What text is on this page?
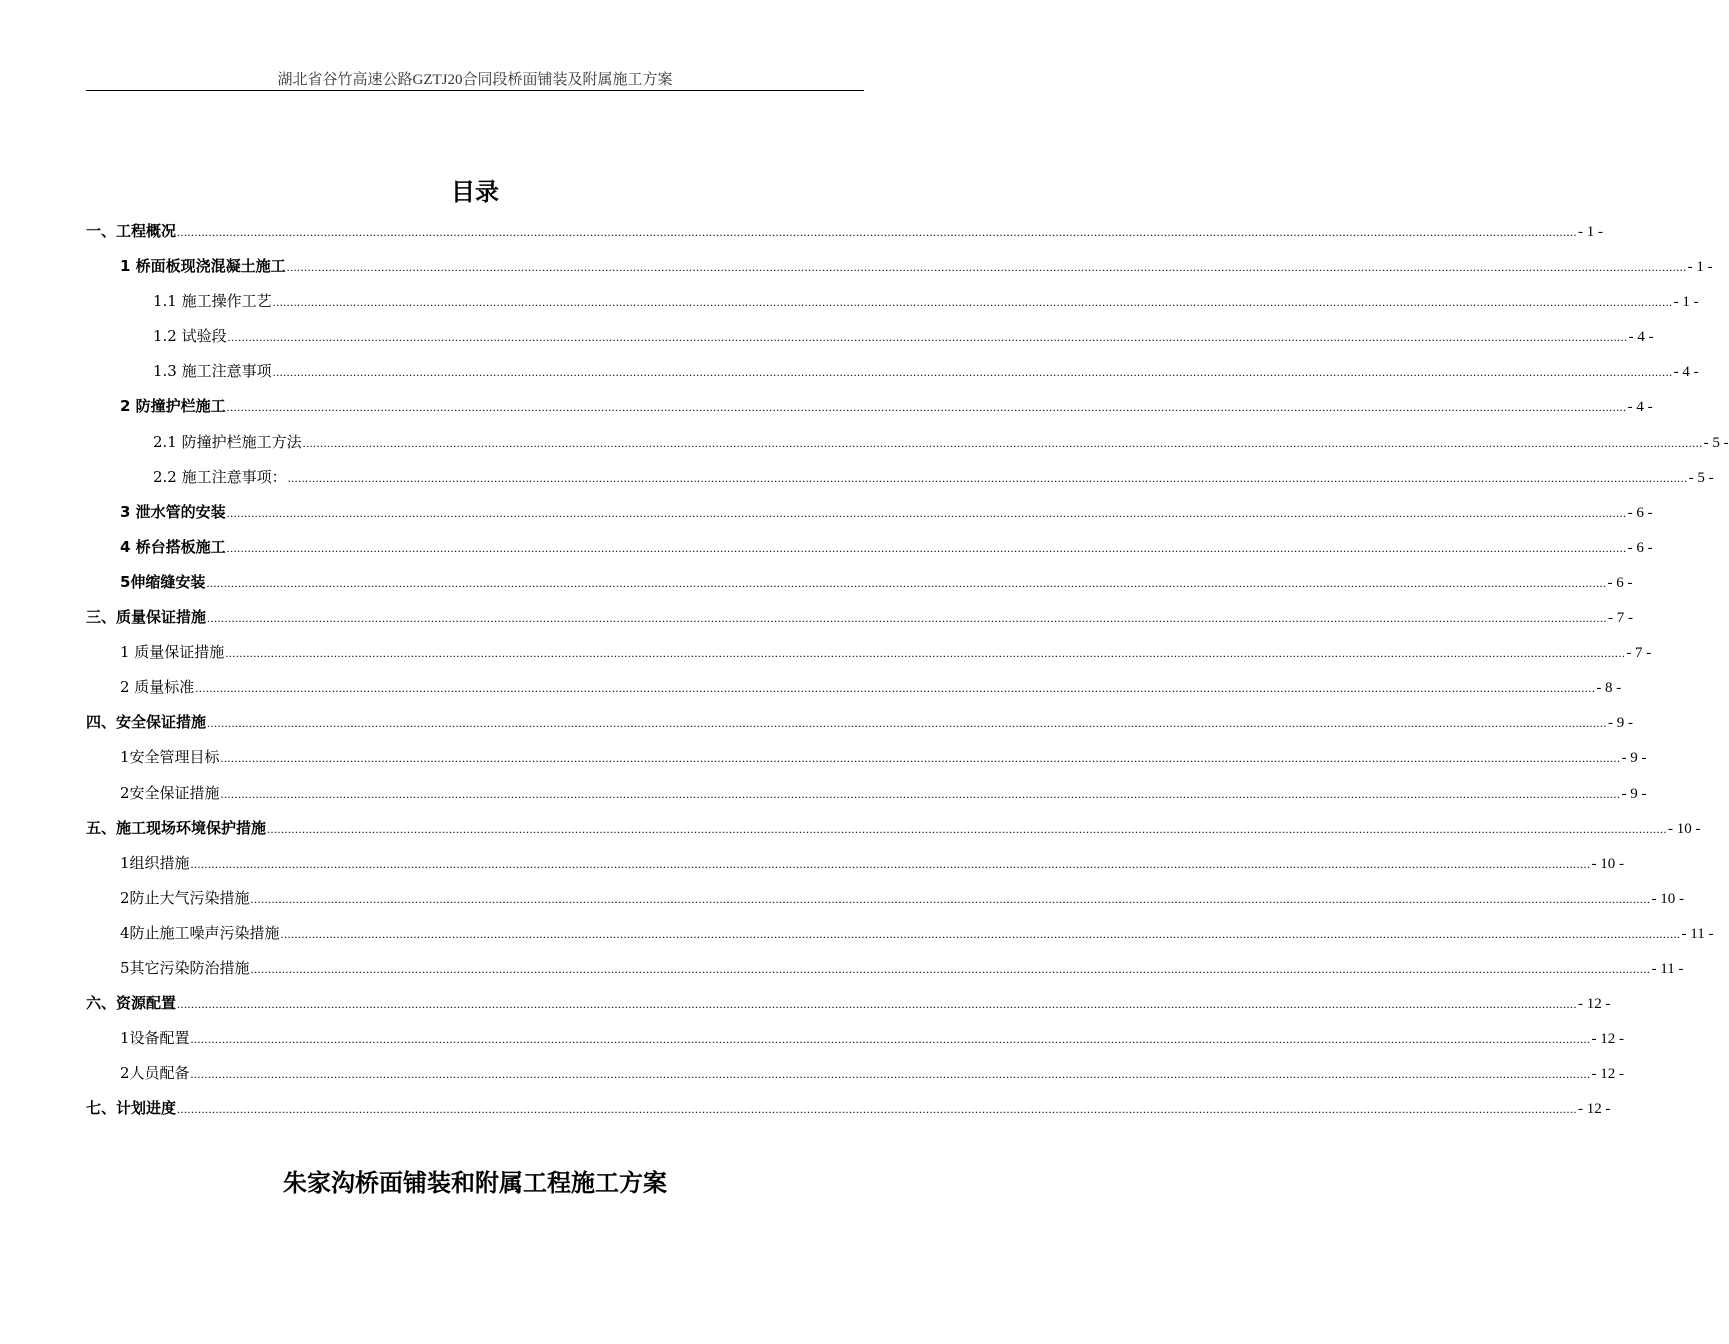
湖北省谷竹高速公路GZTJ20合同段桥面铺装及附属施工方案
目录
一、工程概况 ................................................................................................................................................................................................................................................................................................................................................................................................................ - 1 -
1 桥面板现浇混凝土施工 ................................................................................................................................................................................................................................................................................................................................................................................................................ - 1 -
1.1 施工操作工艺 ................................................................................................................................................................................................................................................................................................................................................................................................................ - 1 -
1.2 试验段 ................................................................................................................................................................................................................................................................................................................................................................................................................ - 4 -
1.3 施工注意事项 ................................................................................................................................................................................................................................................................................................................................................................................................................ - 4 -
2 防撞护栏施工 ................................................................................................................................................................................................................................................................................................................................................................................................................ - 4 -
2.1 防撞护栏施工方法 ................................................................................................................................................................................................................................................................................................................................................................................................................ - 5 -
2.2 施工注意事项： ................................................................................................................................................................................................................................................................................................................................................................................................................ - 5 -
3 泄水管的安装 ................................................................................................................................................................................................................................................................................................................................................................................................................ - 6 -
4 桥台搭板施工 ................................................................................................................................................................................................................................................................................................................................................................................................................ - 6 -
5伸缩缝安装 ................................................................................................................................................................................................................................................................................................................................................................................................................ - 6 -
三、质量保证措施 ................................................................................................................................................................................................................................................................................................................................................................................................................ - 7 -
1 质量保证措施 ................................................................................................................................................................................................................................................................................................................................................................................................................ - 7 -
2 质量标准 ................................................................................................................................................................................................................................................................................................................................................................................................................ - 8 -
四、安全保证措施 ................................................................................................................................................................................................................................................................................................................................................................................................................ - 9 -
1安全管理目标 ................................................................................................................................................................................................................................................................................................................................................................................................................ - 9 -
2安全保证措施 ................................................................................................................................................................................................................................................................................................................................................................................................................ - 9 -
五、施工现场环境保护措施 ................................................................................................................................................................................................................................................................................................................................................................................................................ - 10 -
1组织措施 ................................................................................................................................................................................................................................................................................................................................................................................................................ - 10 -
2防止大气污染措施 ................................................................................................................................................................................................................................................................................................................................................................................................................ - 10 -
4防止施工噪声污染措施 ................................................................................................................................................................................................................................................................................................................................................................................................................ - 11 -
5其它污染防治措施 ................................................................................................................................................................................................................................................................................................................................................................................................................ - 11 -
六、资源配置 ................................................................................................................................................................................................................................................................................................................................................................................................................ - 12 -
1设备配置 ................................................................................................................................................................................................................................................................................................................................................................................................................ - 12 -
2人员配备 ................................................................................................................................................................................................................................................................................................................................................................................................................ - 12 -
七、计划进度 ................................................................................................................................................................................................................................................................................................................................................................................................................ - 12 -
朱家沟桥面铺装和附属工程施工方案
